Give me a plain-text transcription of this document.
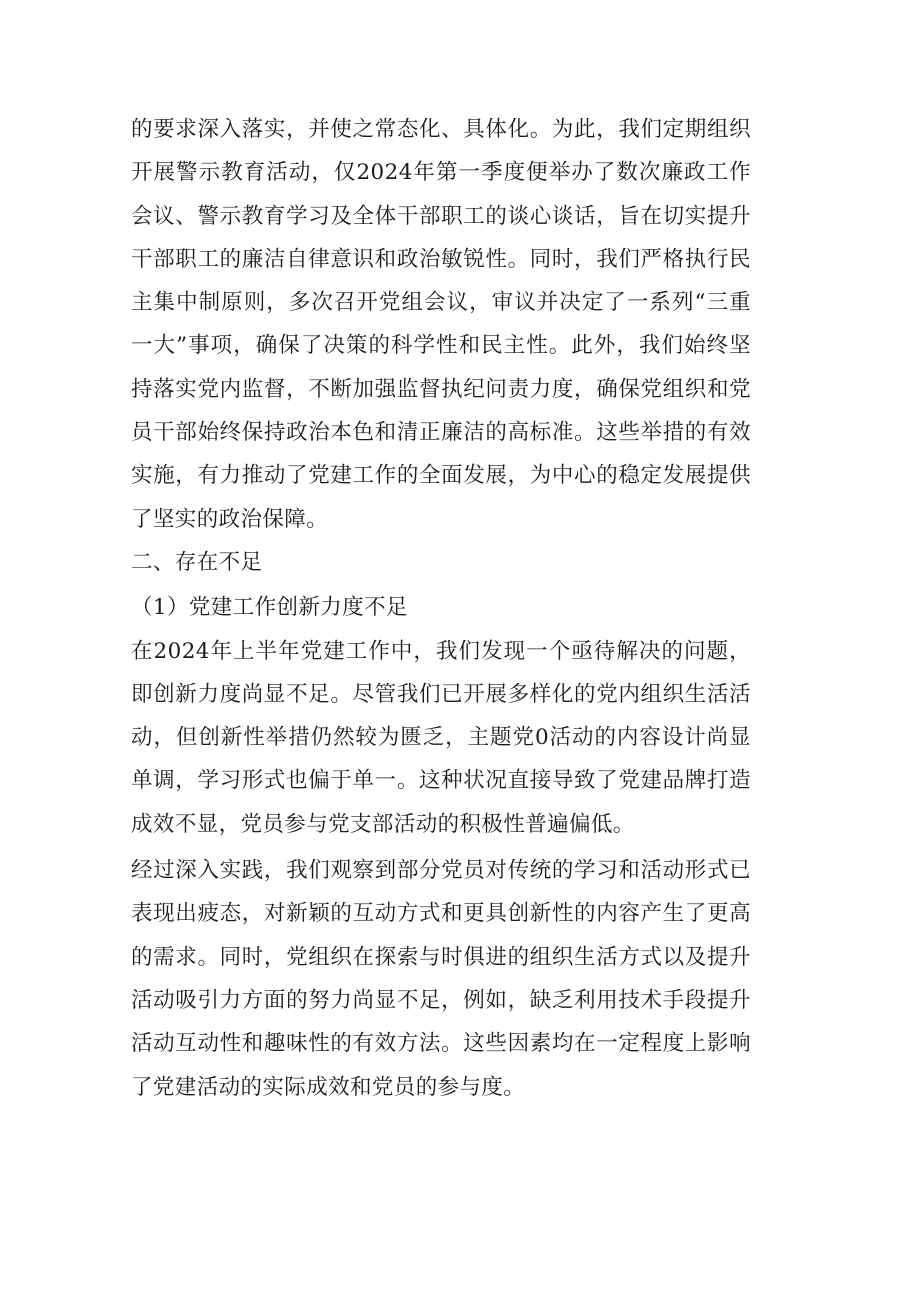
的要求深入落实，并使之常态化、具体化。为此，我们定期组织开展警示教育活动，仅2024年第一季度便举办了数次廉政工作会议、警示教育学习及全体干部职工的谈心谈话，旨在切实提升干部职工的廉洁自律意识和政治敏锐性。同时，我们严格执行民主集中制原则，多次召开党组会议，审议并决定了一系列“三重一大”事项，确保了决策的科学性和民主性。此外，我们始终坚持落实党内监督，不断加强监督执纪问责力度，确保党组织和党员干部始终保持政治本色和清正廉洁的高标准。这些举措的有效实施，有力推动了党建工作的全面发展，为中心的稳定发展提供了坚实的政治保障。

二、存在不足

（1）党建工作创新力度不足

在2024年上半年党建工作中，我们发现一个亟待解决的问题，即创新力度尚显不足。尽管我们已开展多样化的党内组织生活活动，但创新性举措仍然较为匮乏，主题党0活动的内容设计尚显单调，学习形式也偏于单一。这种状况直接导致了党建品牌打造成效不显，党员参与党支部活动的积极性普遍偏低。

经过深入实践，我们观察到部分党员对传统的学习和活动形式已表现出疲态，对新颖的互动方式和更具创新性的内容产生了更高的需求。同时，党组织在探索与时俱进的组织生活方式以及提升活动吸引力方面的努力尚显不足，例如，缺乏利用技术手段提升活动互动性和趣味性的有效方法。这些因素均在一定程度上影响了党建活动的实际成效和党员的参与度。
